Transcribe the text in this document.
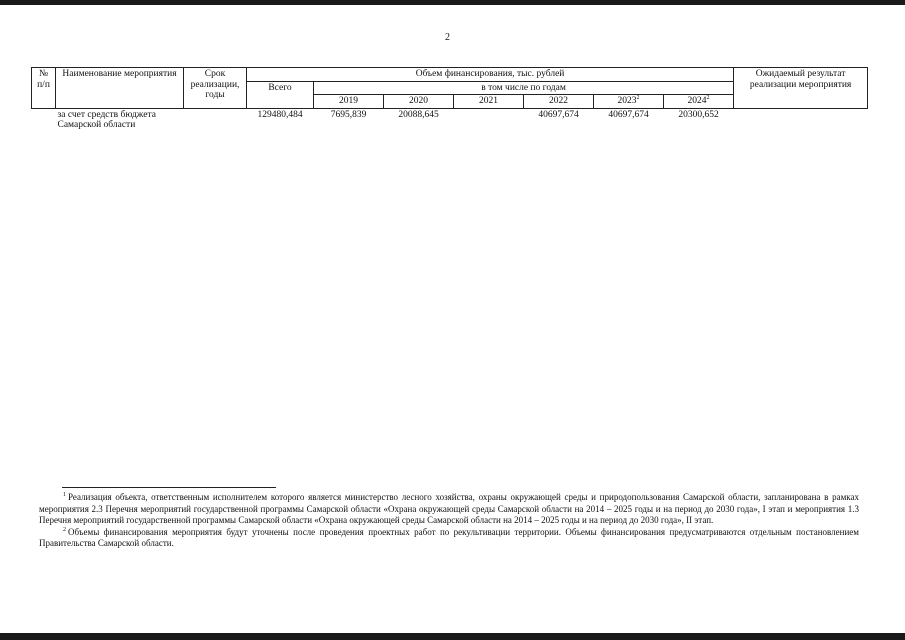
2
№ п/п	Наименование мероприятия	Срок реализации, годы	Объем финансирования, тыс. рублей							Ожидаемый результат реализации мероприятия
			Всего	в том числе по годам						
				2019	2020	2021	2022	2023$^2$	2024$^2$
	за счет средств бюджета Самарской области		129480,484	7695,839	20088,645		40697,674	40697,674	20300,652	

$^1$ Реализация объекта, ответственным исполнителем которого является министерство лесного хозяйства, охраны окружающей среды и природопользования Самарской области, запланирована в рамках мероприятия 2.3 Перечня мероприятий государственной программы Самарской области «Охрана окружающей среды Самарской области на 2014 – 2025 годы и на период до 2030 года», I этап и мероприятия 1.3 Перечня мероприятий государственной программы Самарской области «Охрана окружающей среды Самарской области на 2014 – 2025 годы и на период до 2030 года», II этап.

$^2$ Объемы финансирования мероприятия будут уточнены после проведения проектных работ по рекультивации территории. Объемы финансирования предусматриваются отдельным постановлением Правительства Самарской области.
